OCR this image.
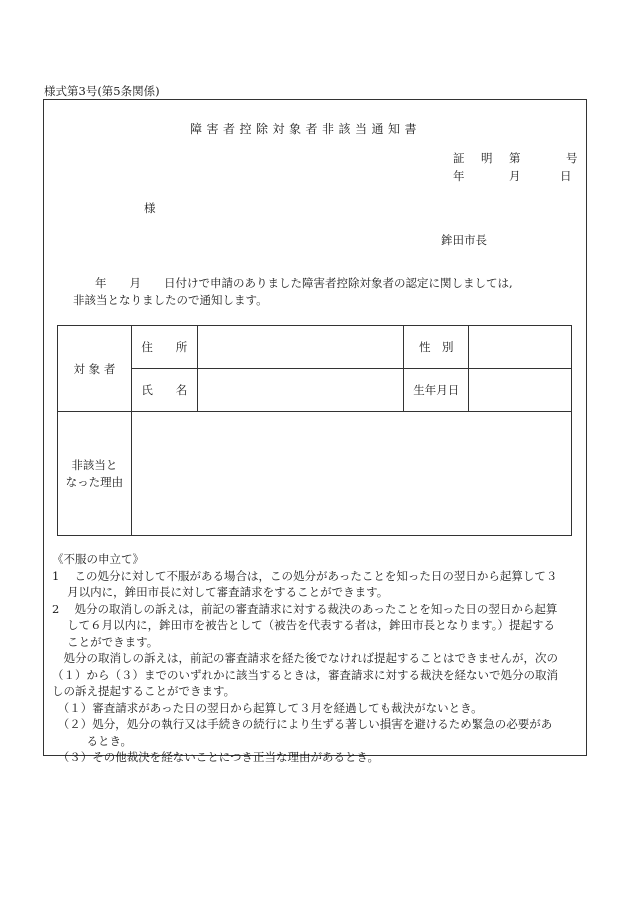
様式第3号(第5条関係)
障害者控除対象者非該当通知書
証 明 第	号
年	月	日
様
鉾田市長
年　　月　　日付けで申請のありました障害者控除対象者の認定に関しましては,
非該当となりましたので通知します。
対 象 者	住　　所		性　別	
	氏　　名		生年月日	

非該当と
なった理由				

《不服の申立て》
1　 この処分に対して不服がある場合は，この処分があったことを知った日の翌日から起算して３
　 月以内に，鉾田市長に対して審査請求をすることができます。
2　 処分の取消しの訴えは，前記の審査請求に対する裁決のあったことを知った日の翌日から起算
　 して６月以内に，鉾田市を被告として（被告を代表する者は，鉾田市長となります。）提起する
　 ことができます。
　処分の取消しの訴えは，前記の審査請求を経た後でなければ提起することはできませんが，次の
（１）から（３）までのいずれかに該当するときは，審査請求に対する裁決を経ないで処分の取消
しの訴え提起することができます。
　（１）審査請求があった日の翌日から起算して３月を経過しても裁決がないとき。
　（２）処分，処分の執行又は手続きの続行により生ずる著しい損害を避けるため緊急の必要があ
　　　るとき。
　（３）その他裁決を経ないことにつき正当な理由があるとき。
